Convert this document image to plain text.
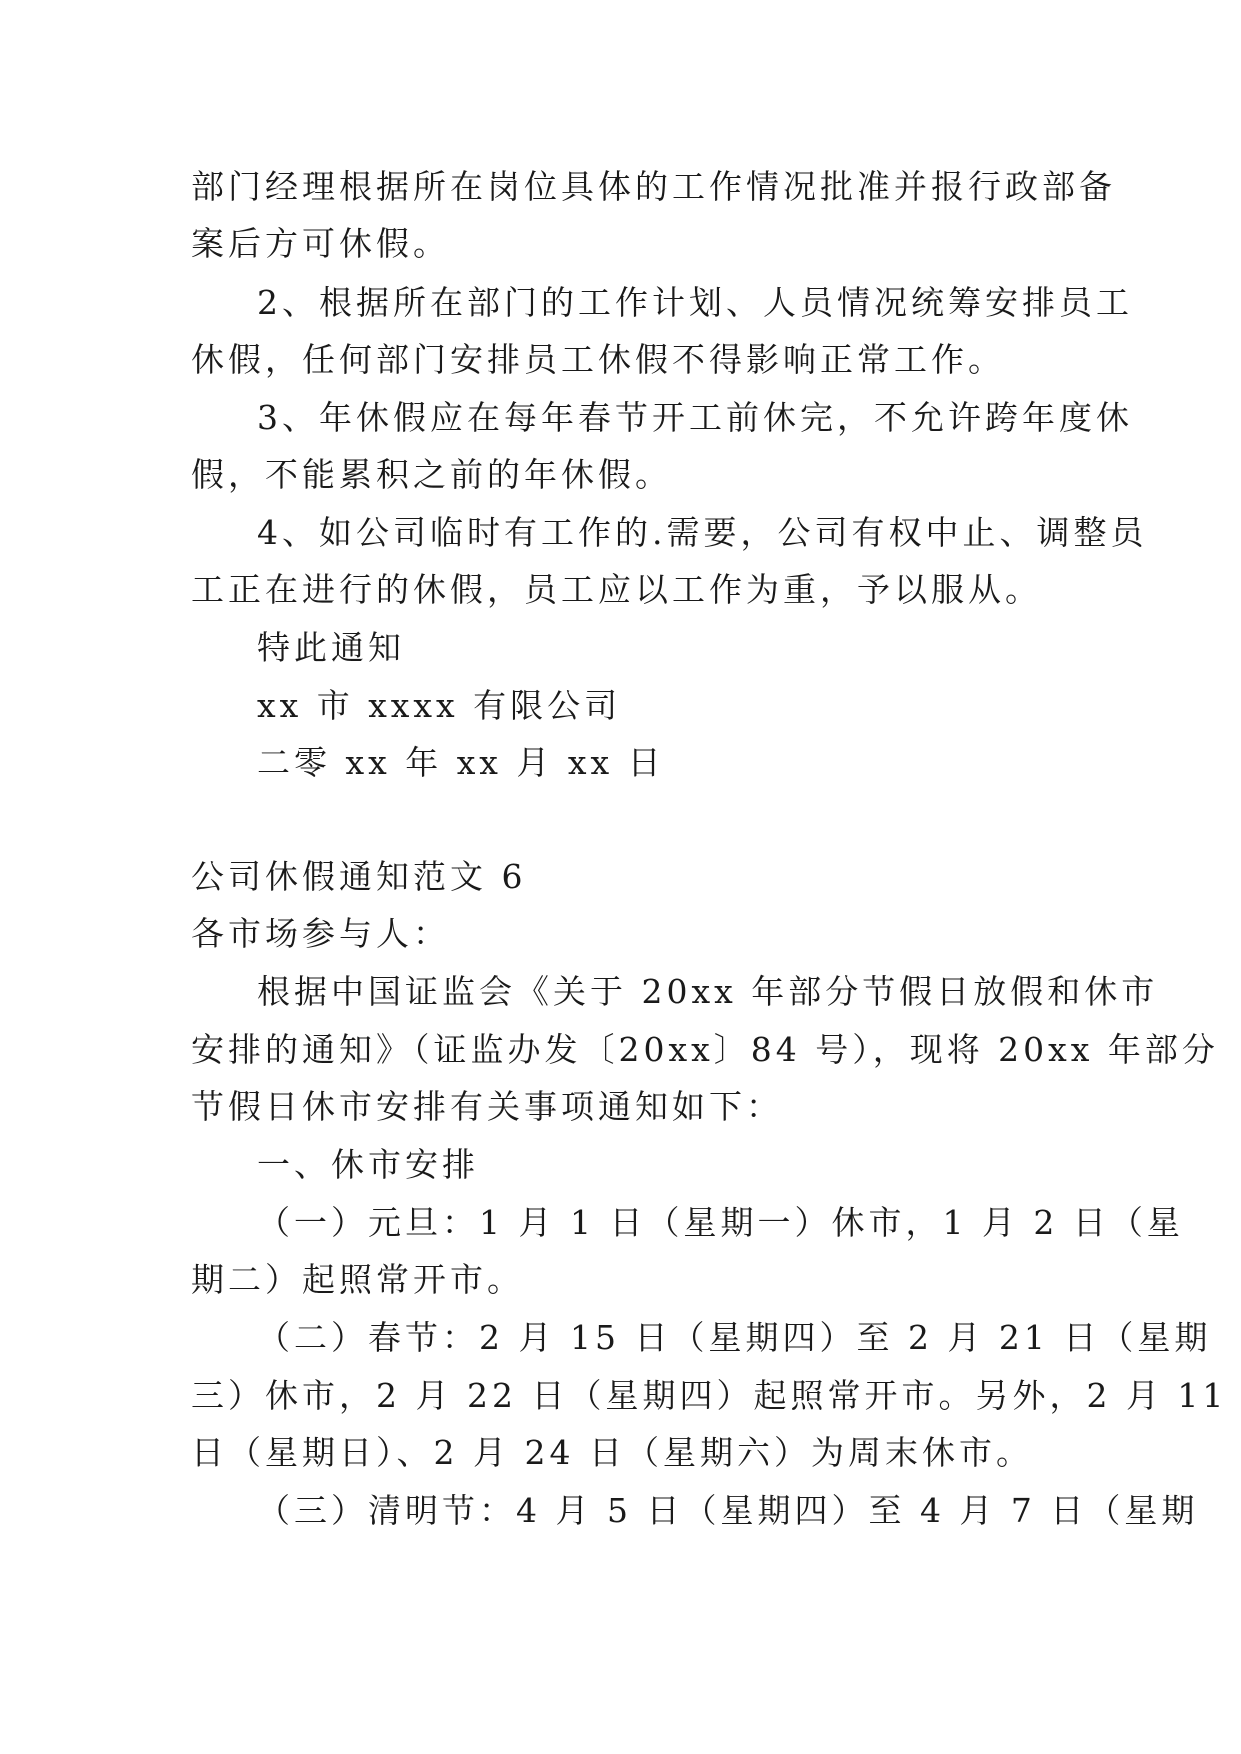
部门经理根据所在岗位具体的工作情况批准并报行政部备
案后方可休假。
2、根据所在部门的工作计划、人员情况统筹安排员工
休假，任何部门安排员工休假不得影响正常工作。
3、年休假应在每年春节开工前休完，不允许跨年度休
假，不能累积之前的年休假。
4、如公司临时有工作的.需要，公司有权中止、调整员
工正在进行的休假，员工应以工作为重，予以服从。
特此通知
xx 市 xxxx 有限公司
二零 xx 年 xx 月 xx 日
公司休假通知范文 6
各市场参与人：
根据中国证监会《关于 20xx 年部分节假日放假和休市
安排的通知》（证监办发〔20xx〕84 号），现将 20xx 年部分
节假日休市安排有关事项通知如下：
一、休市安排
（一）元旦：1 月 1 日（星期一）休市，1 月 2 日（星
期二）起照常开市。
（二）春节：2 月 15 日（星期四）至 2 月 21 日（星期
三）休市，2 月 22 日（星期四）起照常开市。另外，2 月 11
日（星期日）、2 月 24 日（星期六）为周末休市。
（三）清明节：4 月 5 日（星期四）至 4 月 7 日（星期
